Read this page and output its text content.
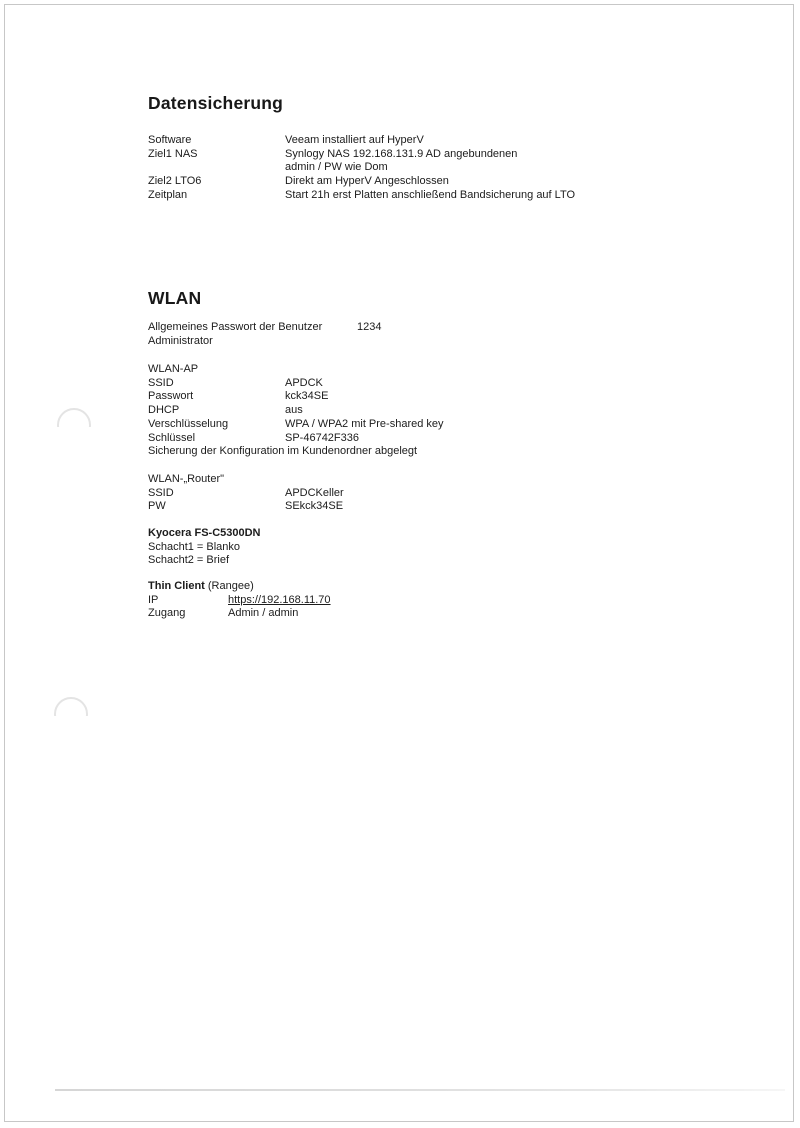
Datensicherung
Software	Veeam installiert auf HyperV
Ziel1 NAS	Synlogy NAS 192.168.131.9 AD angebundenen
admin / PW wie Dom
Ziel2 LTO6	Direkt am HyperV Angeschlossen
Zeitplan	Start 21h erst Platten anschließend Bandsicherung auf LTO
WLAN
Allgemeines Passwort der Benutzer	1234
Administrator
WLAN-AP
SSID	APDCK
Passwort	kck34SE
DHCP	aus
Verschlüsselung	WPA / WPA2 mit Pre-shared key
Schlüssel	SP-46742F336
Sicherung der Konfiguration im Kundenordner abgelegt
WLAN-„Router"
SSID	APDCKeller
PW	SEkck34SE
Kyocera FS-C5300DN
Schacht1 = Blanko
Schacht2 = Brief
Thin Client (Rangee)
IP	https://192.168.11.70
Zugang	Admin / admin
